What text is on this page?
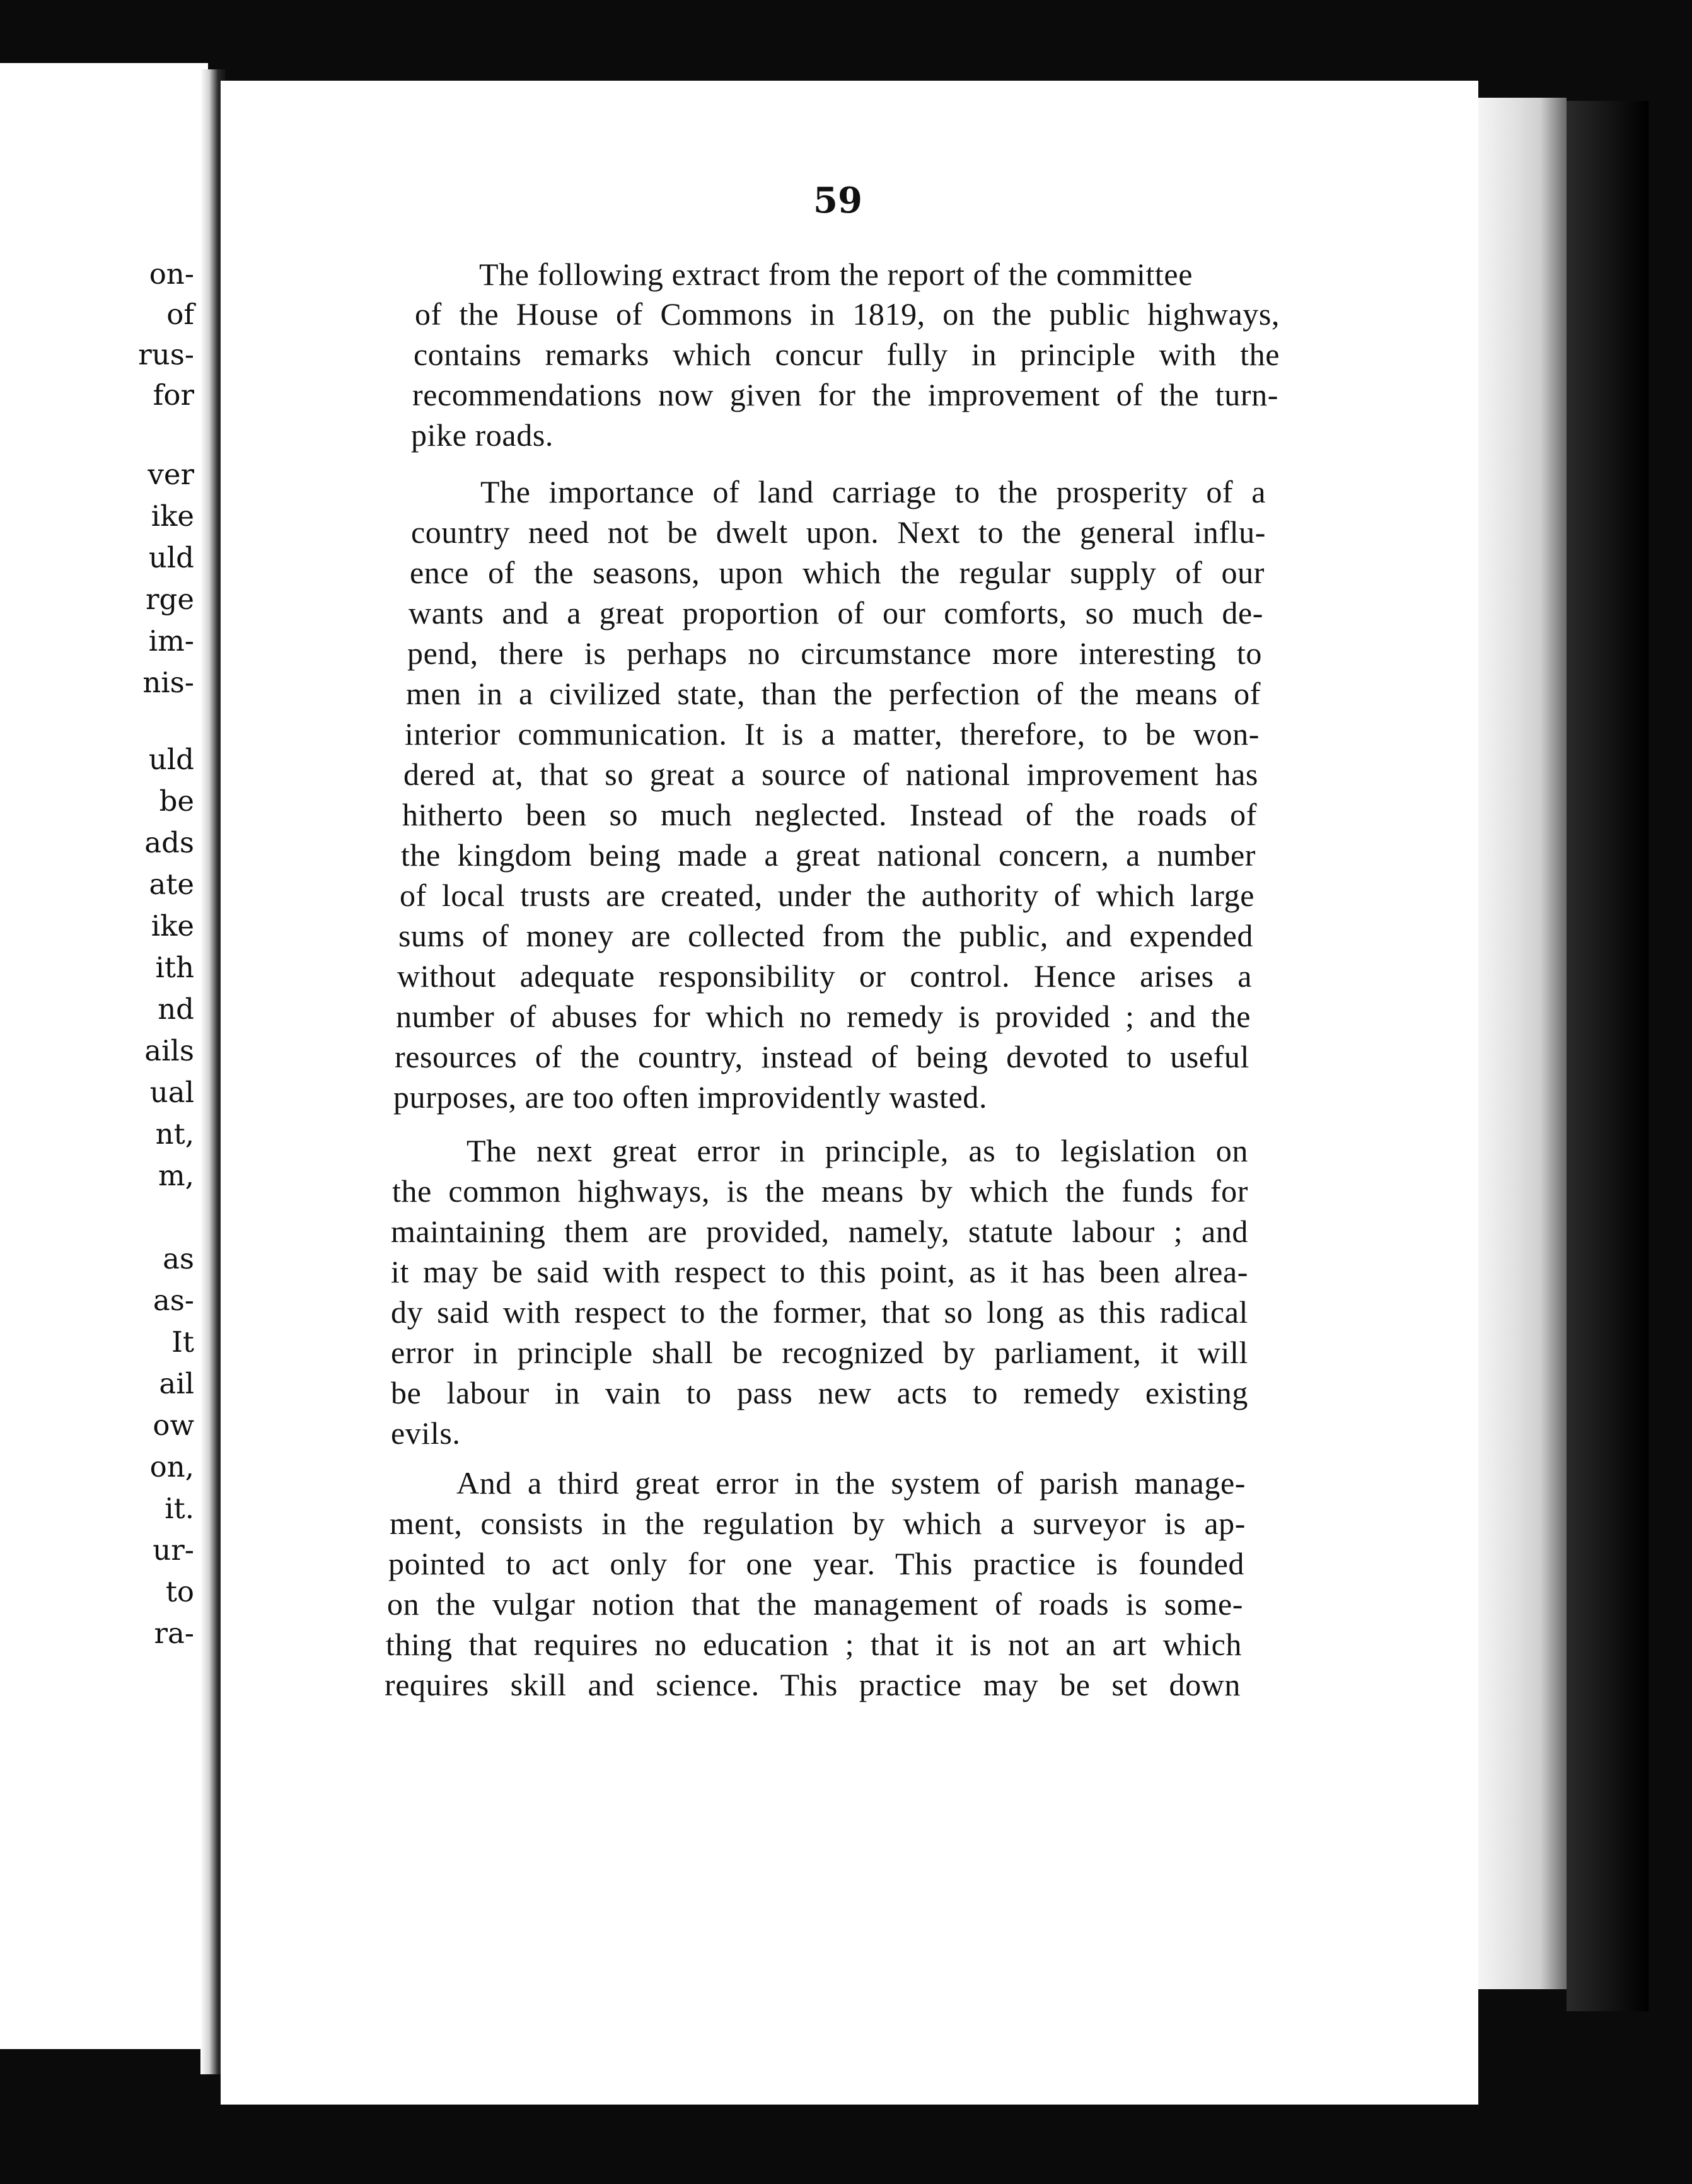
on-

of

rus-

for

ver

ike

uld

rge

im-

nis-

uld

be

ads

ate

ike

ith

nd

ails

ual

nt,

m,

as

as-

It

ail

ow

on,

it.

ur-

to

ra-

59

The following extract from the report of the committee

of the House of Commons in 1819, on the public highways,

contains remarks which concur fully in principle with the

recommendations now given for the improvement of the turn-

pike roads.

The importance of land carriage to the prosperity of a

country need not be dwelt upon. Next to the general influ-

ence of the seasons, upon which the regular supply of our

wants and a great proportion of our comforts, so much de-

pend, there is perhaps no circumstance more interesting to

men in a civilized state, than the perfection of the means of

interior communication. It is a matter, therefore, to be won-

dered at, that so great a source of national improvement has

hitherto been so much neglected. Instead of the roads of

the kingdom being made a great national concern, a number

of local trusts are created, under the authority of which large

sums of money are collected from the public, and expended

without adequate responsibility or control. Hence arises a

number of abuses for which no remedy is provided ; and the

resources of the country, instead of being devoted to useful

purposes, are too often improvidently wasted.

The next great error in principle, as to legislation on

the common highways, is the means by which the funds for

maintaining them are provided, namely, statute labour ; and

it may be said with respect to this point, as it has been alrea-

dy said with respect to the former, that so long as this radical

error in principle shall be recognized by parliament, it will

be labour in vain to pass new acts to remedy existing

evils.

And a third great error in the system of parish manage-

ment, consists in the regulation by which a surveyor is ap-

pointed to act only for one year. This practice is founded

on the vulgar notion that the management of roads is some-

thing that requires no education ; that it is not an art which

requires skill and science. This practice may be set down
